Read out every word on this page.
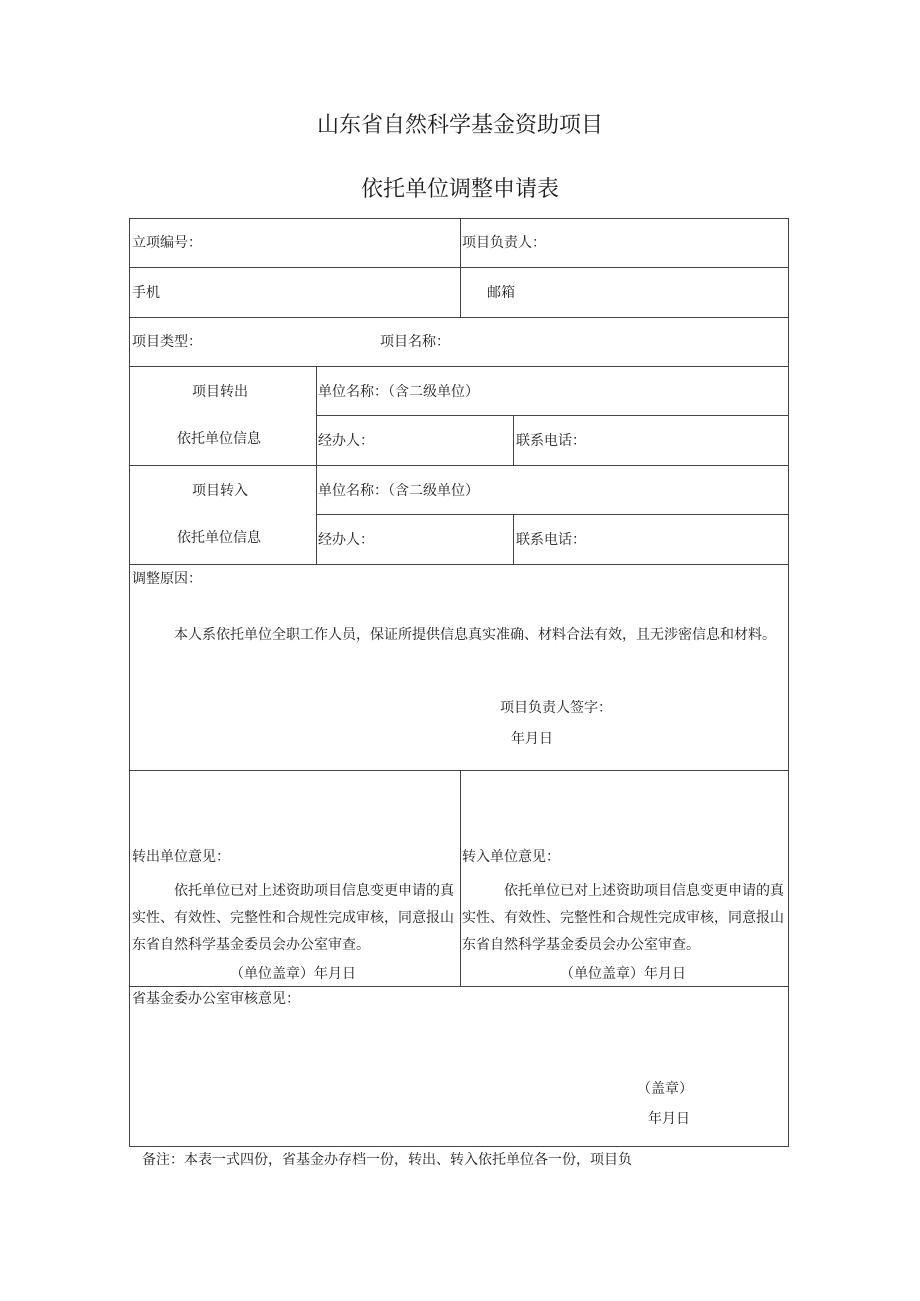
山东省自然科学基金资助项目
依托单位调整申请表
立项编号：	项目负责人：
手机	邮箱
项目类型：	项目名称：
项目转出
依托单位信息
单位名称：（含二级单位）
经办人：	联系电话：
项目转入
依托单位信息
单位名称：（含二级单位）
经办人：	联系电话：
调整原因：
本人系依托单位全职工作人员，保证所提供信息真实准确、材料合法有效，且无涉密信息和材料。
项目负责人签字：
年月日
转出单位意见：
依托单位已对上述资助项目信息变更申请的真实性、有效性、完整性和合规性完成审核，同意报山东省自然科学基金委员会办公室审查。
（单位盖章）年月日
转入单位意见：
依托单位已对上述资助项目信息变更申请的真实性、有效性、完整性和合规性完成审核，同意报山东省自然科学基金委员会办公室审查。
（单位盖章）年月日
省基金委办公室审核意见：
（盖章）
年月日
备注：本表一式四份，省基金办存档一份，转出、转入依托单位各一份，项目负
